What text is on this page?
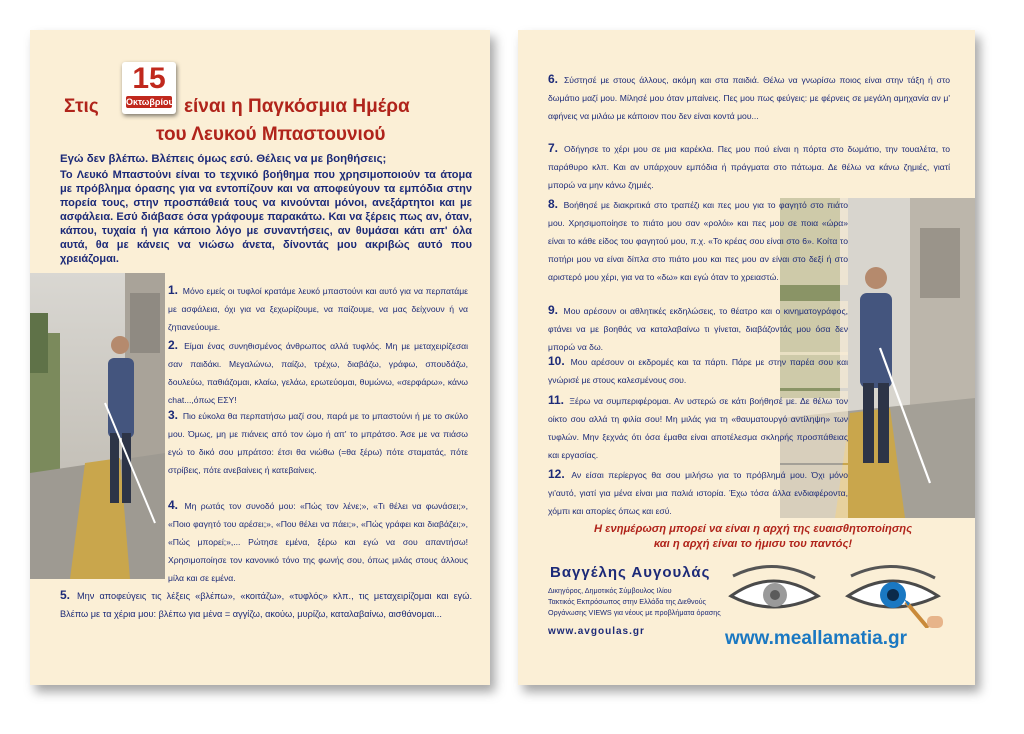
Στις
15
Οκτωβρίου είναι η Παγκόσμια Ημέρα
του Λευκού Μπαστουνιού
Εγώ δεν βλέπω. Βλέπεις όμως εσύ. Θέλεις να με βοηθήσεις;
Το Λευκό Μπαστούνι είναι το τεχνικό βοήθημα που χρησιμοποιούν τα άτομα με πρόβλημα όρασης για να εντοπίζουν και να αποφεύγουν τα εμπόδια στην πορεία τους, στην προσπάθειά τους να κινούνται μόνοι, ανεξάρτητοι και με ασφάλεια. Εσύ διάβασε όσα γράφουμε παρακάτω. Και να ξέρεις πως αν, όταν, κάπου, τυχαία ή για κάποιο λόγο με συναντήσεις, αν θυμάσαι κάτι απ' όλα αυτά, θα με κάνεις να νιώσω άνετα, δίνοντάς μου ακριβώς αυτό που χρειάζομαι.
1. Μόνο εμείς οι τυφλοί κρατάμε λευκό μπαστούνι και αυτό για να περπατάμε με ασφάλεια, όχι για να ξεχωρίζουμε, να παίζουμε, να μας δείχνουν ή να ζητιανεύουμε.
2. Είμαι ένας συνηθισμένος άνθρωπος αλλά τυφλός. Μη με μεταχειρίζεσαι σαν παιδάκι. Μεγαλώνω, παίζω, τρέχω, διαβάζω, γράφω, σπουδάζω, δουλεύω, παθιάζομαι, κλαίω, γελάω, ερωτεύομαι, θυμώνω, «σερφάρω», κάνω chat...,όπως ΕΣΥ!
3. Πιο εύκολα θα περπατήσω μαζί σου, παρά με το μπαστούνι ή με το σκύλο μου. Όμως, μη με πιάνεις από τον ώμο ή απ' το μπράτσο. Άσε με να πιάσω εγώ το δικό σου μπράτσο: έτσι θα νιώθω (=θα ξέρω) πότε σταματάς, πότε στρίβεις, πότε ανεβαίνεις ή κατεβαίνεις.
4. Μη ρωτάς τον συνοδό μου: «Πώς τον λένε;», «Τι θέλει να φωνάσει;», «Ποιο φαγητό του αρέσει;», «Που θέλει να πάει;», «Πώς γράφει και διαβάζει;», «Πώς μπορεί;»,... Ρώτησε εμένα, ξέρω και εγώ να σου απαντήσω! Χρησιμοποίησε τον κανονικό τόνο της φωνής σου, όπως μιλάς στους άλλους μίλα και σε εμένα.
5. Μην αποφεύγεις τις λέξεις «βλέπω», «κοιτάζω», «τυφλός» κλπ., τις μεταχειρίζομαι και εγώ. Βλέπω με τα χέρια μου: βλέπω για μένα = αγγίζω, ακούω, μυρίζω, καταλαβαίνω, αισθάνομαι...
6. Σύστησέ με στους άλλους, ακόμη και στα παιδιά. Θέλω να γνωρίσω ποιος είναι στην τάξη ή στο δωμάτιο μαζί μου. Μίλησέ μου όταν μπαίνεις. Πες μου πως φεύγεις: με φέρνεις σε μεγάλη αμηχανία αν μ' αφήνεις να μιλάω με κάποιον που δεν είναι κοντά μου...
7. Οδήγησε το χέρι μου σε μια καρέκλα. Πες μου πού είναι η πόρτα στο δωμάτιο, την τουαλέτα, το παράθυρο κλπ. Και αν υπάρχουν εμπόδια ή πράγματα στο πάτωμα. Δε θέλω να κάνω ζημιές, γιατί μπορώ να μην κάνω ζημιές.
8. Βοήθησέ με διακριτικά στο τραπέζι και πες μου για το φαγητό στο πιάτο μου. Χρησιμοποίησε το πιάτο μου σαν «ρολόι» και πες μου σε ποια «ώρα» είναι το κάθε είδος του φαγητού μου, π.χ. «Το κρέας σου είναι στο 6». Κοίτα το ποτήρι μου να είναι δίπλα στο πιάτο μου και πες μου αν είναι στο δεξί ή στο αριστερό μου χέρι, για να το «δω» και εγώ όταν το χρειαστώ.
9. Μου αρέσουν οι αθλητικές εκδηλώσεις, το θέατρο και ο κινηματογράφος, φτάνει να με βοηθάς να καταλαβαίνω τι γίνεται, διαβάζοντάς μου όσα δεν μπορώ να δω.
10. Μου αρέσουν οι εκδρομές και τα πάρτι. Πάρε με στην παρέα σου και γνώρισέ με στους καλεσμένους σου.
11. Ξέρω να συμπεριφέρομαι. Αν υστερώ σε κάτι βοήθησέ με. Δε θέλω τον οίκτο σου αλλά τη φιλία σου! Μη μιλάς για τη «θαυματουργό αντίληψη» των τυφλών. Μην ξεχνάς ότι όσα έμαθα είναι αποτέλεσμα σκληρής προσπάθειας και εργασίας.
12. Αν είσαι περίεργος θα σου μιλήσω για το πρόβλημά μου. Όχι μόνο γι'αυτό, γιατί για μένα είναι μια παλιά ιστορία. Έχω τόσα άλλα ενδιαφέροντα, χόμπι και απορίες όπως και εσύ.
Η ενημέρωση μπορεί να είναι η αρχή της ευαισθητοποίησης
και η αρχή είναι το ήμισυ του παντός!
Βαγγέλης Αυγουλάς
Δικηγόρος, Δημοτικός Σύμβουλος Ιλίου
Τακτικός Εκπρόσωπος στην Ελλάδα της Διεθνούς
Οργάνωσης VIEWS για νέους με προβλήματα όρασης
www.avgoulas.gr	www.meallamatia.gr
